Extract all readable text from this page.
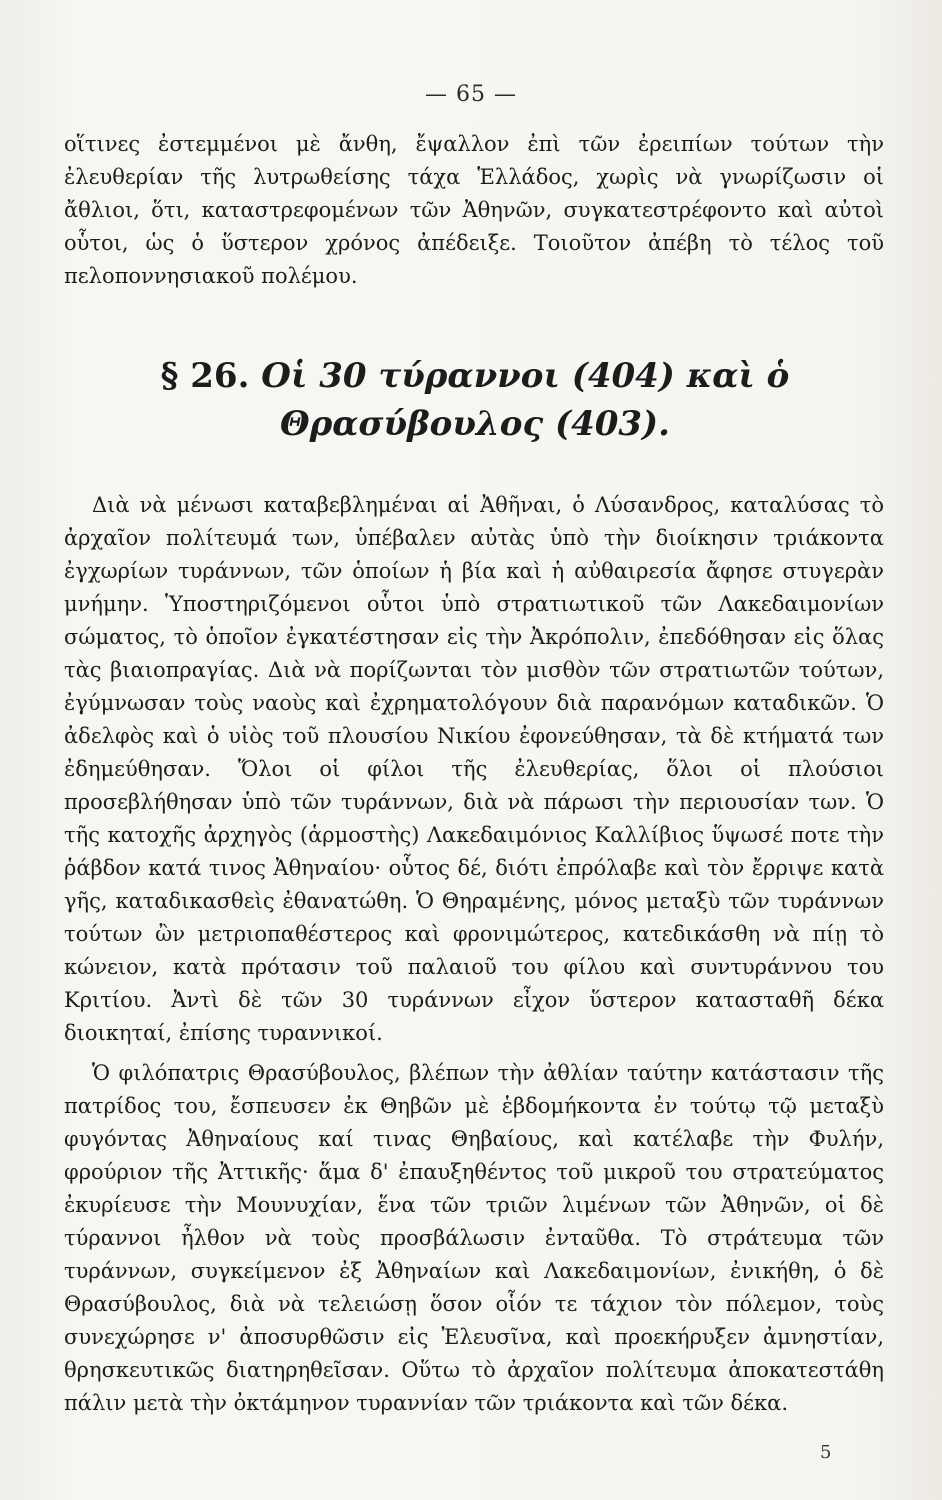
— 65 —

οἵτινες ἐστεμμένοι μὲ ἄνθη, ἔψαλλον ἐπὶ τῶν ἐρειπίων τούτων τὴν ἐλευθερίαν τῆς λυτρωθείσης τάχα Ἑλλάδος, χωρὶς νὰ γνωρίζωσιν οἱ ἄθλιοι, ὅτι, καταστρεφομένων τῶν Ἀθηνῶν, συγκατεστρέφοντο καὶ αὐτοὶ οὗτοι, ὡς ὁ ὕστερον χρόνος ἀπέδειξε. Τοιοῦτον ἀπέβη τὸ τέλος τοῦ πελοποννησιακοῦ πολέμου.

§ 26. Οἱ 30 τύραννοι (404) καὶ ὁ Θρασύβουλος (403).

Διὰ νὰ μένωσι καταβεβλημέναι αἱ Ἀθῆναι, ὁ Λύσανδρος, καταλύσας τὸ ἀρχαῖον πολίτευμά των, ὑπέβαλεν αὐτὰς ὑπὸ τὴν διοίκησιν τριάκοντα ἐγχωρίων τυράννων, τῶν ὁποίων ἡ βία καὶ ἡ αὐθαιρεσία ἄφησε στυγερὰν μνήμην. Ὑποστηριζόμενοι οὗτοι ὑπὸ στρατιωτικοῦ τῶν Λακεδαιμονίων σώματος, τὸ ὁποῖον ἐγκατέστησαν εἰς τὴν Ἀκρόπολιν, ἐπεδόθησαν εἰς ὅλας τὰς βιαιοπραγίας. Διὰ νὰ πορίζωνται τὸν μισθὸν τῶν στρατιωτῶν τούτων, ἐγύμνωσαν τοὺς ναοὺς καὶ ἐχρηματολόγουν διὰ παρανόμων καταδικῶν. Ὁ ἀδελφὸς καὶ ὁ υἱὸς τοῦ πλουσίου Νικίου ἐφονεύθησαν, τὰ δὲ κτήματά των ἐδημεύθησαν. Ὅλοι οἱ φίλοι τῆς ἐλευθερίας, ὅλοι οἱ πλούσιοι προσεβλήθησαν ὑπὸ τῶν τυράννων, διὰ νὰ πάρωσι τὴν περιουσίαν των. Ὁ τῆς κατοχῆς ἀρχηγὸς (ἁρμοστὴς) Λακεδαιμόνιος Καλλίβιος ὕψωσέ ποτε τὴν ῥάβδον κατά τινος Ἀθηναίου· οὗτος δέ, διότι ἐπρόλαβε καὶ τὸν ἔρριψε κατὰ γῆς, καταδικασθεὶς ἐθανατώθη. Ὁ Θηραμένης, μόνος μεταξὺ τῶν τυράννων τούτων ὢν μετριοπαθέστερος καὶ φρονιμώτερος, κατεδικάσθη νὰ πίῃ τὸ κώνειον, κατὰ πρότασιν τοῦ παλαιοῦ του φίλου καὶ συντυράννου του Κριτίου. Ἀντὶ δὲ τῶν 30 τυράννων εἶχον ὕστερον κατασταθῆ δέκα διοικηταί, ἐπίσης τυραννικοί.

Ὁ φιλόπατρις Θρασύβουλος, βλέπων τὴν ἀθλίαν ταύτην κατάστασιν τῆς πατρίδος του, ἔσπευσεν ἐκ Θηβῶν μὲ ἑβδομήκοντα ἐν τούτῳ τῷ μεταξὺ φυγόντας Ἀθηναίους καί τινας Θηβαίους, καὶ κατέλαβε τὴν Φυλήν, φρούριον τῆς Ἀττικῆς· ἅμα δ' ἐπαυξηθέντος τοῦ μικροῦ του στρατεύματος ἐκυρίευσε τὴν Μουνυχίαν, ἕνα τῶν τριῶν λιμένων τῶν Ἀθηνῶν, οἱ δὲ τύραννοι ἦλθον νὰ τοὺς προσβάλωσιν ἐνταῦθα. Τὸ στράτευμα τῶν τυράννων, συγκείμενον ἐξ Ἀθηναίων καὶ Λακεδαιμονίων, ἐνικήθη, ὁ δὲ Θρασύβουλος, διὰ νὰ τελειώσῃ ὅσον οἷόν τε τάχιον τὸν πόλεμον, τοὺς συνεχώρησε ν' ἀποσυρθῶσιν εἰς Ἐλευσῖνα, καὶ προεκήρυξεν ἀμνηστίαν, θρησκευτικῶς διατηρηθεῖσαν. Οὕτω τὸ ἀρχαῖον πολίτευμα ἀποκατεστάθη πάλιν μετὰ τὴν ὀκτάμηνον τυραννίαν τῶν τριάκοντα καὶ τῶν δέκα.

5
